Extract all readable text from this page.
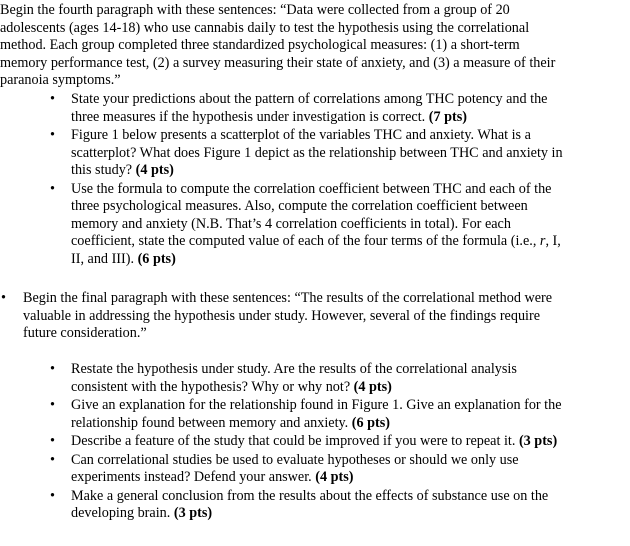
Begin the fourth paragraph with these sentences: “Data were collected from a group of 20 adolescents (ages 14-18) who use cannabis daily to test the hypothesis using the correlational method. Each group completed three standardized psychological measures: (1) a short-term memory performance test, (2) a survey measuring their state of anxiety, and (3) a measure of their paranoia symptoms.”
• State your predictions about the pattern of correlations among THC potency and the three measures if the hypothesis under investigation is correct. (7 pts)
• Figure 1 below presents a scatterplot of the variables THC and anxiety. What is a scatterplot? What does Figure 1 depict as the relationship between THC and anxiety in this study? (4 pts)
• Use the formula to compute the correlation coefficient between THC and each of the three psychological measures. Also, compute the correlation coefficient between memory and anxiety (N.B. That’s 4 correlation coefficients in total). For each coefficient, state the computed value of each of the four terms of the formula (i.e., r, I, II, and III). (6 pts)
• Begin the final paragraph with these sentences: “The results of the correlational method were valuable in addressing the hypothesis under study. However, several of the findings require future consideration.”
• Restate the hypothesis under study. Are the results of the correlational analysis consistent with the hypothesis? Why or why not? (4 pts)
• Give an explanation for the relationship found in Figure 1. Give an explanation for the relationship found between memory and anxiety. (6 pts)
• Describe a feature of the study that could be improved if you were to repeat it. (3 pts)
• Can correlational studies be used to evaluate hypotheses or should we only use experiments instead? Defend your answer. (4 pts)
• Make a general conclusion from the results about the effects of substance use on the developing brain. (3 pts)
